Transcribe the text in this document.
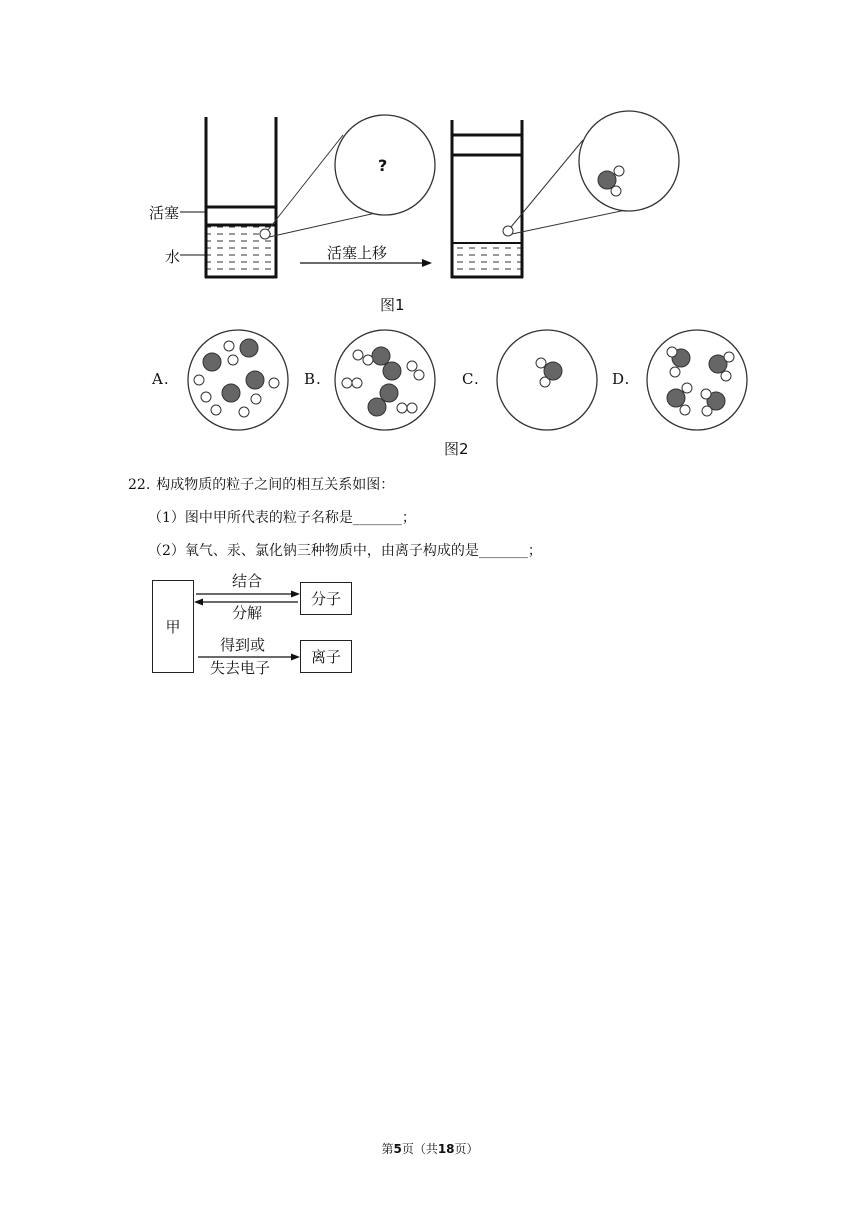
活塞
水	活塞上移
?
图1
A.	B.	C.	D.
图2
22. 构成物质的粒子之间的相互关系如图：
（1）图中甲所代表的粒子名称是_______；
（2）氧气、汞、氯化钠三种物质中，由离子构成的是_______；
甲
分子
离子
结合
分解
得到或
失去电子
第5页（共18页）
